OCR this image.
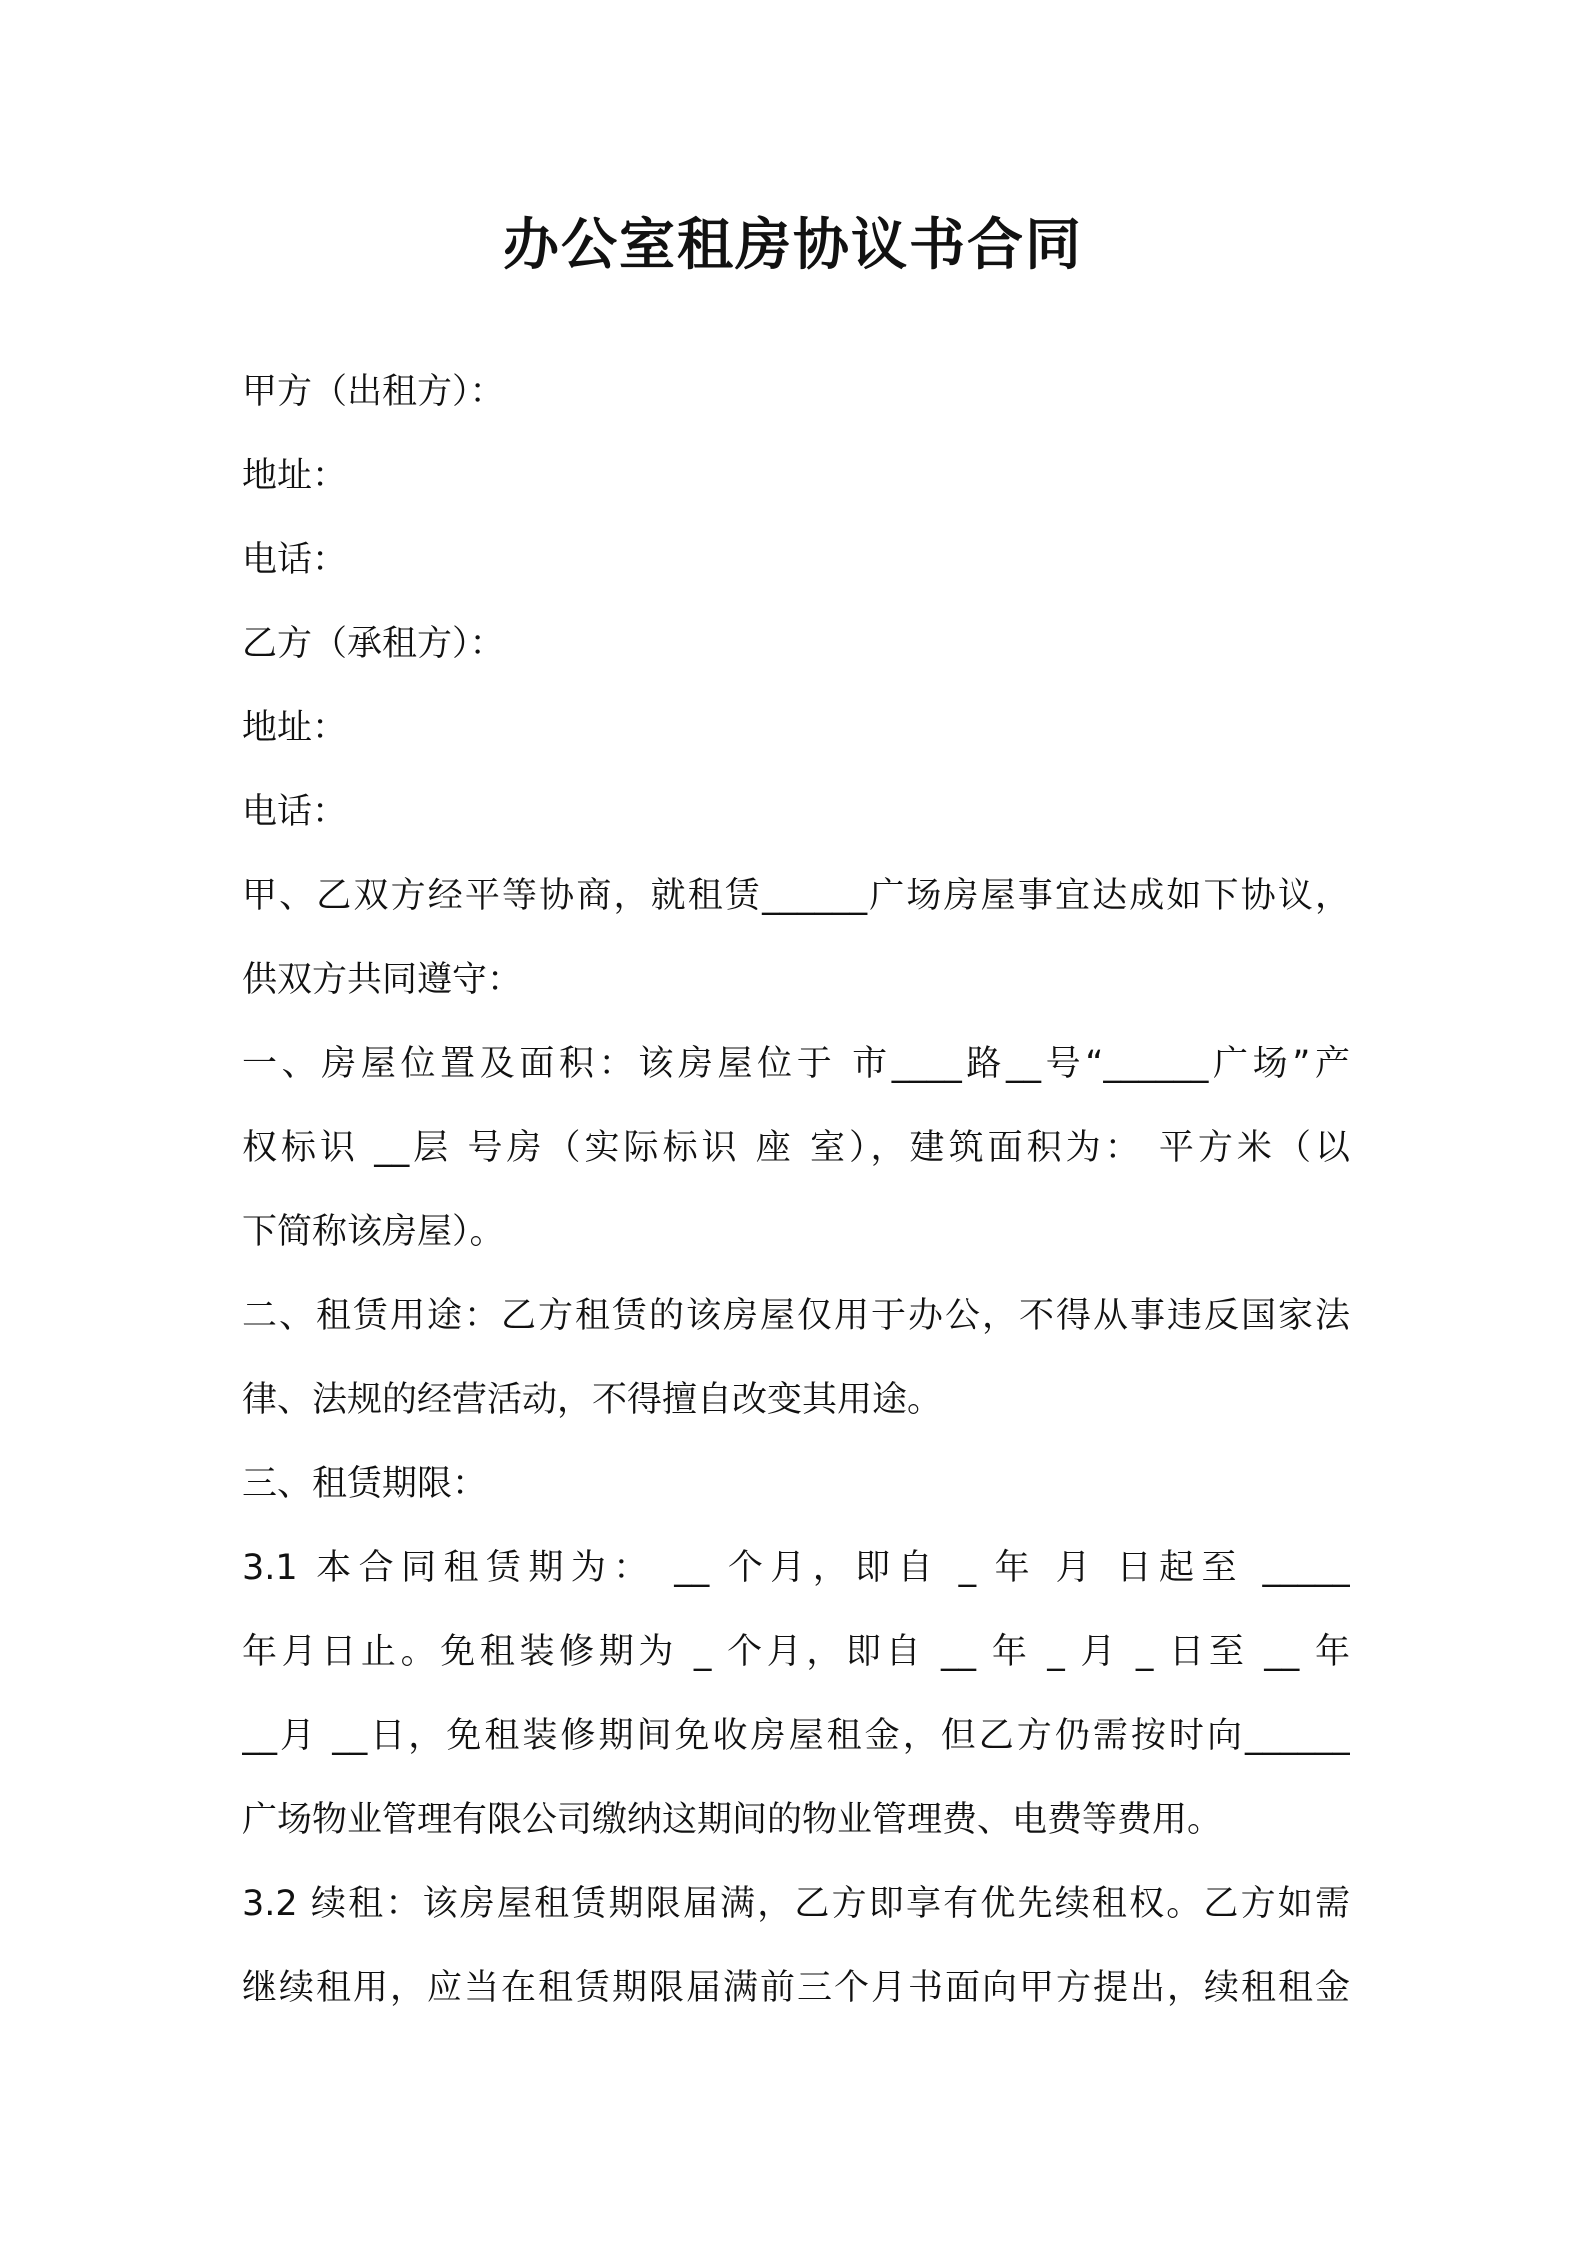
办公室租房协议书合同
甲方（出租方）：
地址：
电话：
乙方（承租方）：
地址：
电话：
甲、乙双方经平等协商，就租赁______广场房屋事宜达成如下协议，
供双方共同遵守：
一、房屋位置及面积：该房屋位于 市____路__号“______广场”产
权标识 __层 号房（实际标识 座 室），建筑面积为： 平方米（以
下简称该房屋）。
二、租赁用途：乙方租赁的该房屋仅用于办公，不得从事违反国家法
律、法规的经营活动，不得擅自改变其用途。
三、租赁期限：
3.1 本合同租赁期为： __ 个月，即自 _ 年 月 日起至 _____
年月日止。免租装修期为 _ 个月，即自 __ 年 _ 月 _ 日至 __ 年
__月 __日，免租装修期间免收房屋租金，但乙方仍需按时向______
广场物业管理有限公司缴纳这期间的物业管理费、电费等费用。
3.2 续租：该房屋租赁期限届满，乙方即享有优先续租权。乙方如需
继续租用，应当在租赁期限届满前三个月书面向甲方提出，续租租金
